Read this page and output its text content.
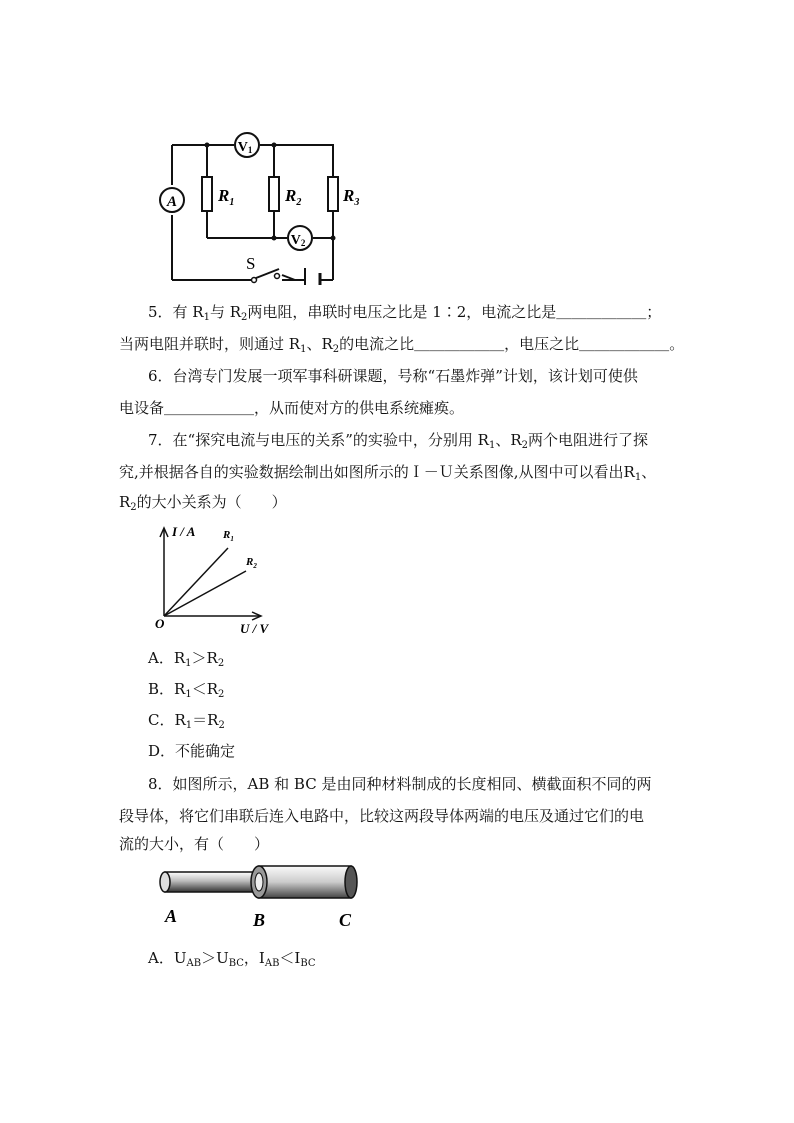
A
V1
V2
$R_1$	$R_2$ $R_3$
S
5．有 $R_1$与 $R_2$两电阻，串联时电压之比是 1∶2，电流之比是＿＿＿＿＿＿；
当两电阻并联时，则通过 $R_1$、$R_2$的电流之比＿＿＿＿＿＿，电压之比＿＿＿＿＿＿。
6．台湾专门发展一项军事科研课题，号称“石墨炸弹”计划，该计划可使供
电设备＿＿＿＿＿＿，从而使对方的供电系统瘫痪。
7．在“探究电流与电压的关系”的实验中，分别用 $R_1$、$R_2$两个电阻进行了探
究,并根据各自的实验数据绘制出如图所示的Ｉ－Ｕ关系图像,从图中可以看出$R_1$、
$R_2$的大小关系为（　　）
I / A
U / V
O
$R_1$
$R_2$
A．$R_1>R_2$
B．$R_1<R_2$
C．$R_1=R_2$
D．不能确定
8．如图所示，AB 和 BC 是由同种材料制成的长度相同、横截面积不同的两
段导体，将它们串联后连入电路中，比较这两段导体两端的电压及通过它们的电
流的大小，有（　　）
A	B	C
A．$U_{AB}>U_{BC}$，$I_{AB}<I_{BC}$
